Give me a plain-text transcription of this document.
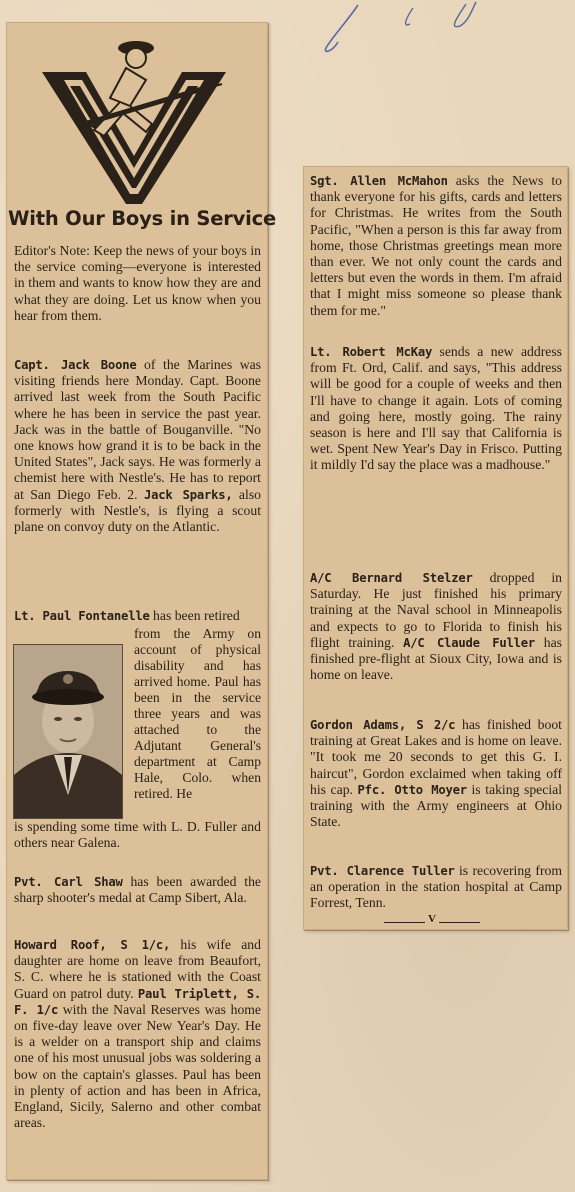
With Our Boys in Service

Editor's Note: Keep the news of your boys in the service coming—everyone is interested in them and wants to know how they are and what they are doing. Let us know when you hear from them.

Capt. Jack Boone of the Marines was visiting friends here Monday. Capt. Boone arrived last week from the South Pacific where he has been in service the past year. Jack was in the battle of Bouganville. "No one knows how grand it is to be back in the United States", Jack says. He was formerly a chemist here with Nestle's. He has to report at San Diego Feb. 2. Jack Sparks, also formerly with Nestle's, is flying a scout plane on convoy duty on the Atlantic.

Lt. Paul Fontanelle has been retired

from the Army on account of physical disability and has arrived home. Paul has been in the service three years and was attached to the Adjutant General's department at Camp Hale, Colo. when retired. He

is spending some time with L. D. Fuller and others near Galena.

Pvt. Carl Shaw has been awarded the sharp shooter's medal at Camp Sibert, Ala.

Howard Roof, S 1/c, his wife and daughter are home on leave from Beaufort, S. C. where he is stationed with the Coast Guard on patrol duty. Paul Triplett, S. F. 1/c with the Naval Reserves was home on five-day leave over New Year's Day. He is a welder on a transport ship and claims one of his most unusual jobs was soldering a bow on the captain's glasses. Paul has been in plenty of action and has been in Africa, England, Sicily, Salerno and other combat areas.

Sgt. Allen McMahon asks the News to thank everyone for his gifts, cards and letters for Christmas. He writes from the South Pacific, "When a person is this far away from home, those Christmas greetings mean more than ever. We not only count the cards and letters but even the words in them. I'm afraid that I might miss someone so please thank them for me."

Lt. Robert McKay sends a new address from Ft. Ord, Calif. and says, "This address will be good for a couple of weeks and then I'll have to change it again. Lots of coming and going here, mostly going. The rainy season is here and I'll say that California is wet. Spent New Year's Day in Frisco. Putting it mildly I'd say the place was a madhouse."

A/C Bernard Stelzer dropped in Saturday. He just finished his primary training at the Naval school in Minneapolis and expects to go to Florida to finish his flight training. A/C Claude Fuller has finished pre-flight at Sioux City, Iowa and is home on leave.

Gordon Adams, S 2/c has finished boot training at Great Lakes and is home on leave. "It took me 20 seconds to get this G. I. haircut", Gordon exclaimed when taking off his cap. Pfc. Otto Moyer is taking special training with the Army engineers at Ohio State.

Pvt. Clarence Tuller is recovering from an operation in the station hospital at Camp Forrest, Tenn.

V
